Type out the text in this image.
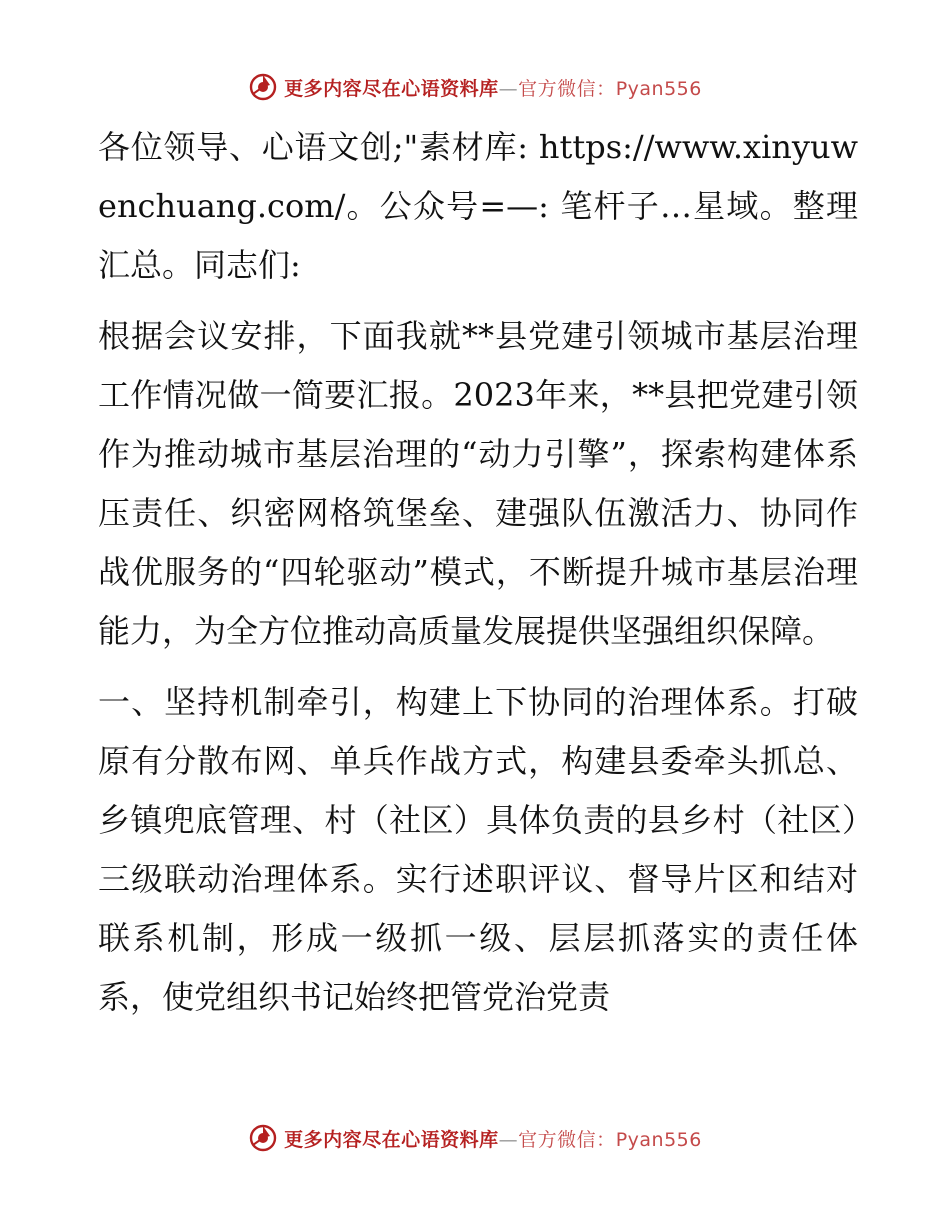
更多内容尽在心语资料库—官方微信：Pyan556

各位领导、心语文创;"素材库: https://www.xinyuwenchuang.com/。公众号=—: 笔杆子…星域。整理汇总。同志们:

根据会议安排，下面我就**县党建引领城市基层治理工作情况做一简要汇报。2023年来，**县把党建引领作为推动城市基层治理的“动力引擎”，探索构建体系压责任、织密网格筑堡垒、建强队伍激活力、协同作战优服务的“四轮驱动”模式，不断提升城市基层治理能力，为全方位推动高质量发展提供坚强组织保障。

一、坚持机制牵引，构建上下协同的治理体系。打破原有分散布网、单兵作战方式，构建县委牵头抓总、乡镇兜底管理、村（社区）具体负责的县乡村（社区）三级联动治理体系。实行述职评议、督导片区和结对联系机制，形成一级抓一级、层层抓落实的责任体系，使党组织书记始终把管党治党责

更多内容尽在心语资料库—官方微信：Pyan556
